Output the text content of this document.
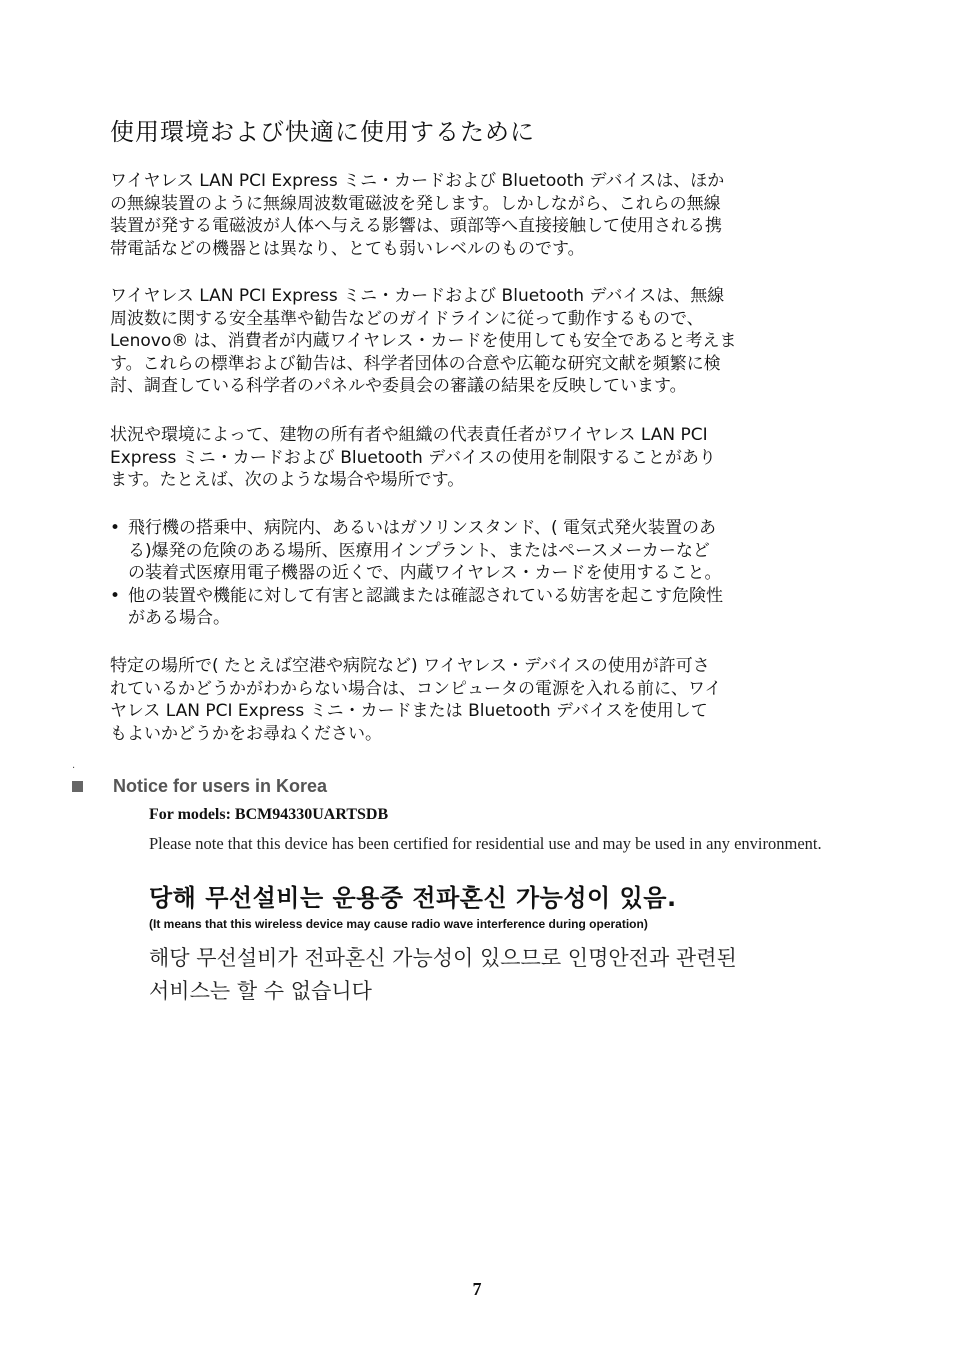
使用環境および快適に使用するために
ワイヤレス LAN PCI Express ミニ・カードおよび Bluetooth デバイスは、ほか
の無線装置のように無線周波数電磁波を発します。しかしながら、これらの無線
装置が発する電磁波が人体へ与える影響は、頭部等へ直接接触して使用される携
帯電話などの機器とは異なり、とても弱いレベルのものです。
ワイヤレス LAN PCI Express ミニ・カードおよび Bluetooth デバイスは、無線
周波数に関する安全基準や勧告などのガイドラインに従って動作するもので、
Lenovo® は、消費者が内蔵ワイヤレス・カードを使用しても安全であると考えま
す。これらの標準および勧告は、科学者団体の合意や広範な研究文献を頻繁に検
討、調査している科学者のパネルや委員会の審議の結果を反映しています。
状況や環境によって、建物の所有者や組織の代表責任者がワイヤレス LAN PCI
Express ミニ・カードおよび Bluetooth デバイスの使用を制限することがあり
ます。たとえば、次のような場合や場所です。
• 飛行機の搭乗中、病院内、あるいはガソリンスタンド、( 電気式発火装置のあ
る)爆発の危険のある場所、医療用インプラント、またはペースメーカーなど
の装着式医療用電子機器の近くで、内蔵ワイヤレス・カードを使用すること。
• 他の装置や機能に対して有害と認識または確認されている妨害を起こす危険性
がある場合。
特定の場所で( たとえば空港や病院など) ワイヤレス・デバイスの使用が許可さ
れているかどうかがわからない場合は、コンピュータの電源を入れる前に、ワイ
ヤレス LAN PCI Express ミニ・カードまたは Bluetooth デバイスを使用して
もよいかどうかをお尋ねください。
.
Notice for users in Korea
For models: BCM94330UARTSDB
Please note that this device has been certified for residential use and may be used in any environment.
당해 무선설비는 운용중 전파혼신 가능성이 있음.
(It means that this wireless device may cause radio wave interference during operation)
해당 무선설비가 전파혼신 가능성이 있으므로 인명안전과 관련된
서비스는 할 수 없습니다
7
